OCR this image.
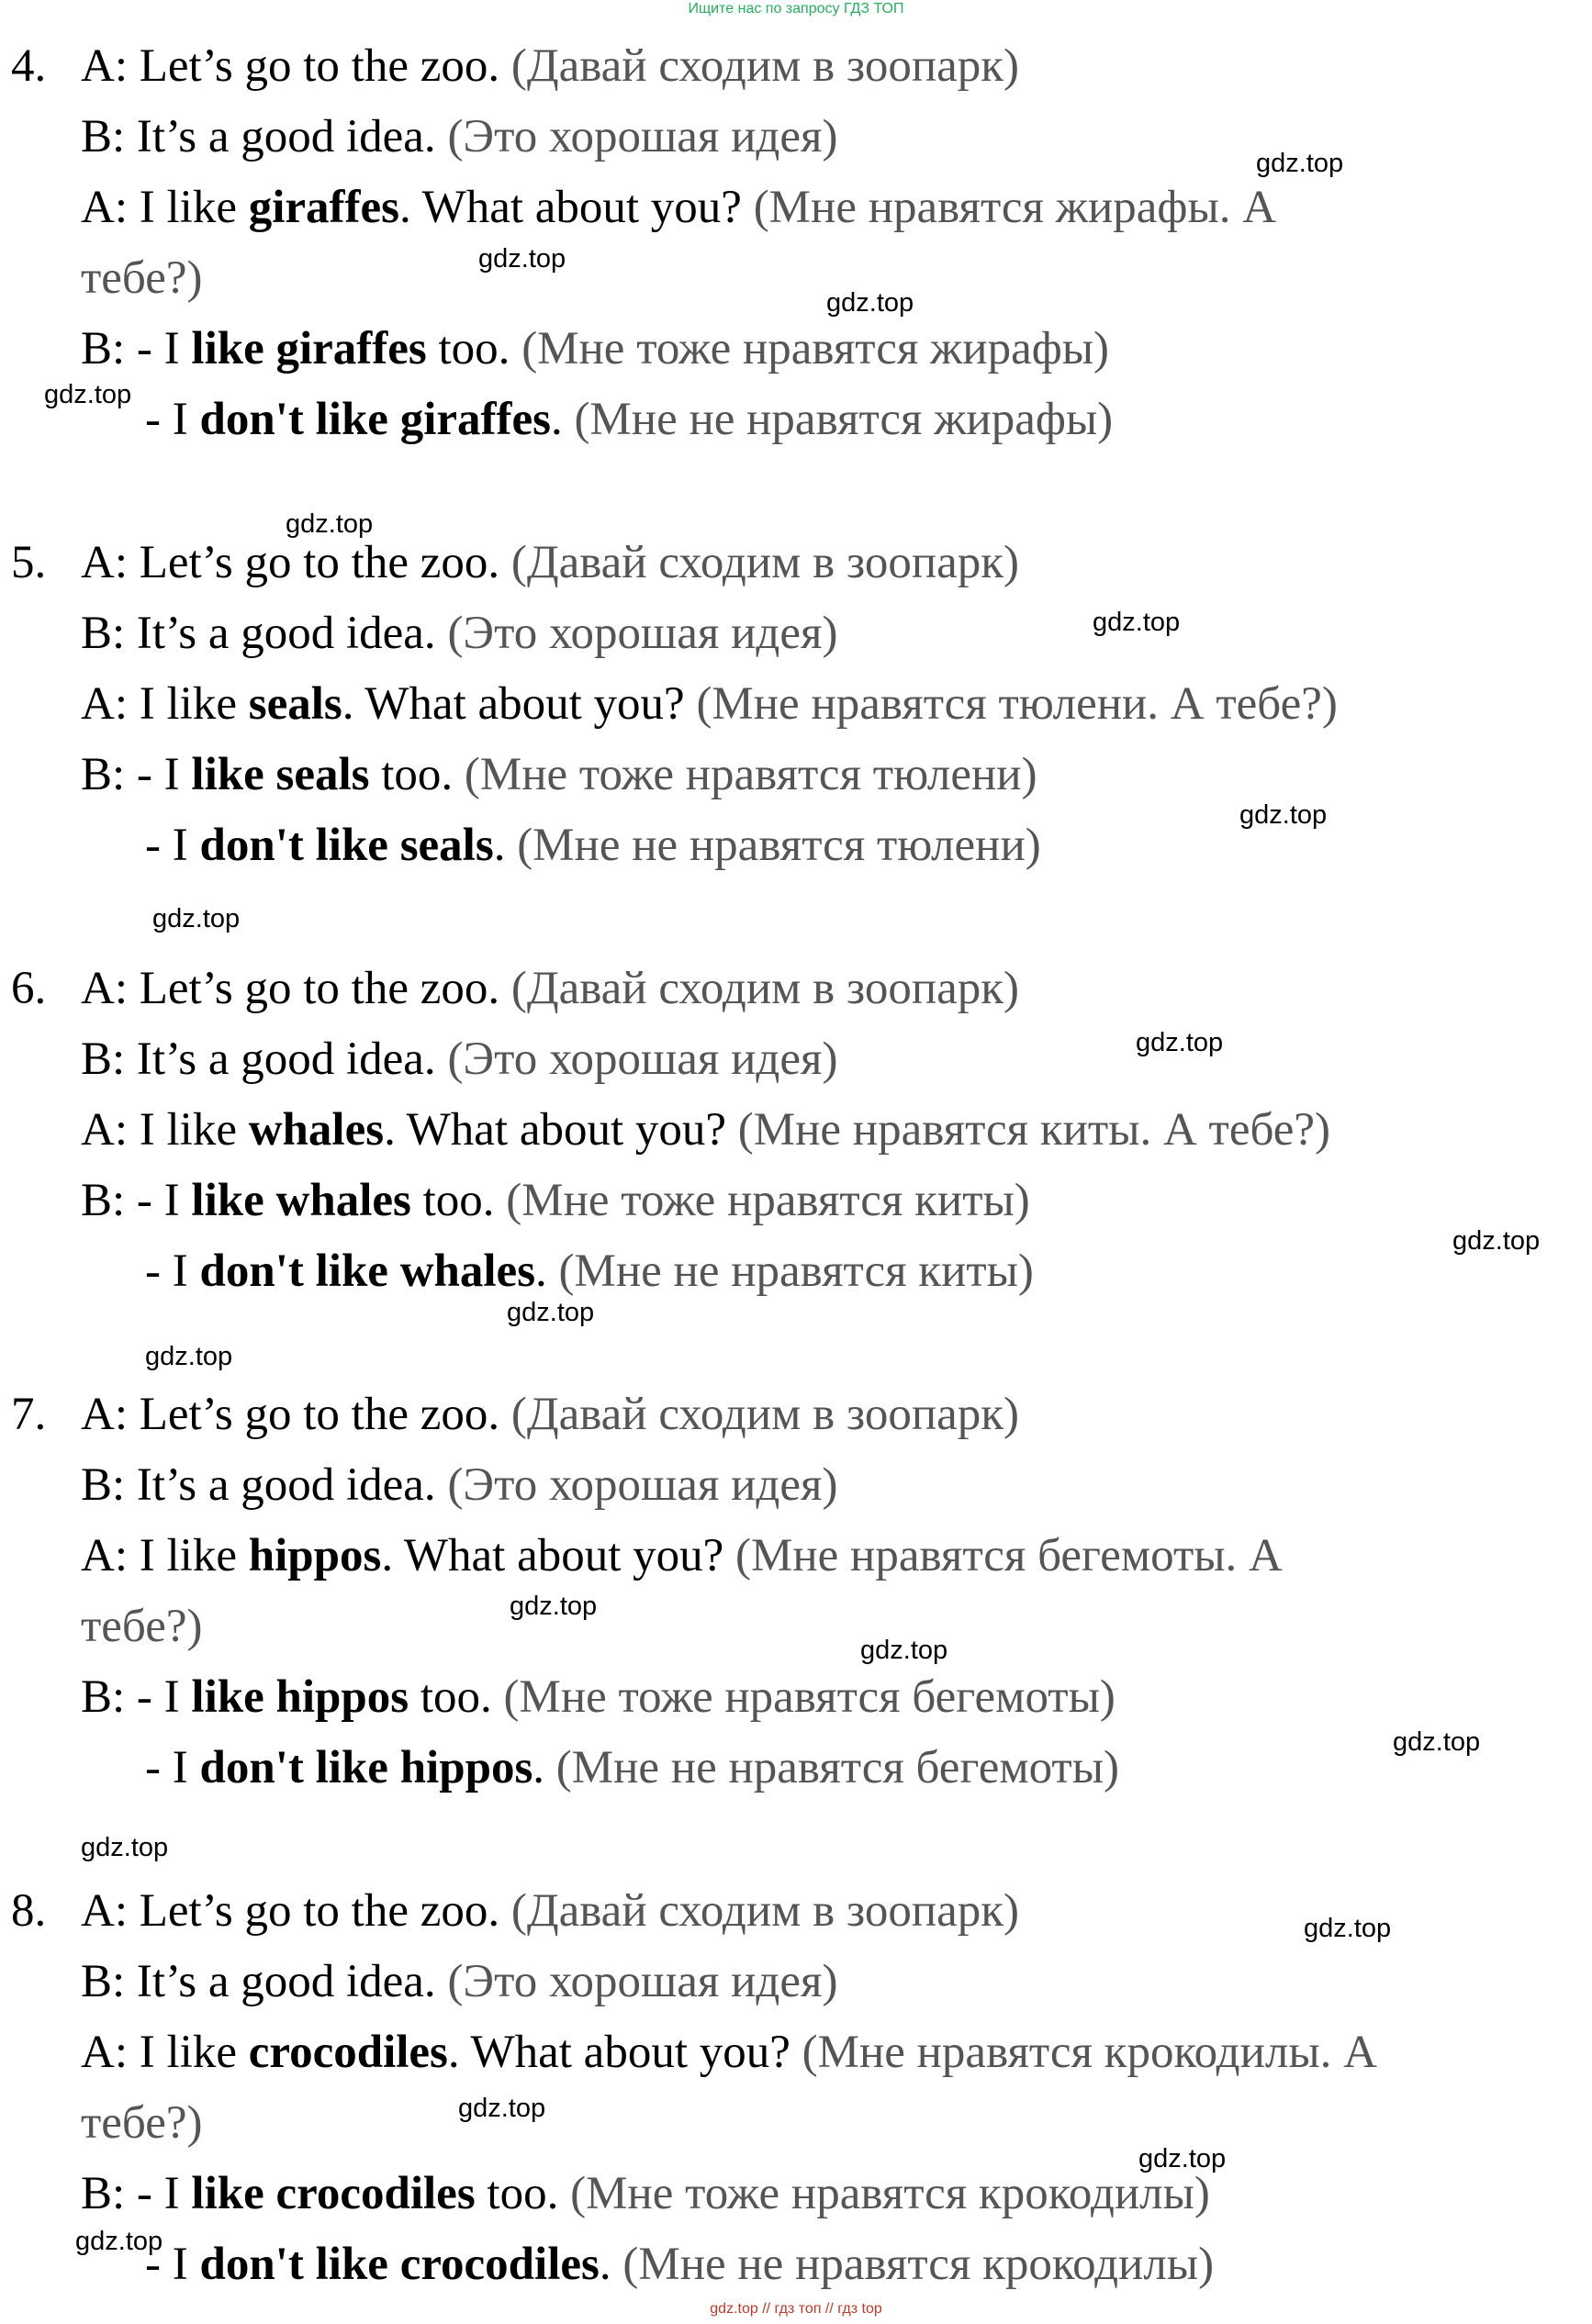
Ищите нас по запросу ГДЗ ТОП
4. A: Let’s go to the zoo. (Давай сходим в зоопарк)
B: It’s a good idea. (Это хорошая идея)
A: I like giraffes. What about you? (Мне нравятся жирафы. А
тебе?)
B: - I like giraffes too. (Мне тоже нравятся жирафы)
- I don't like giraffes. (Мне не нравятся жирафы)
5. A: Let’s go to the zoo. (Давай сходим в зоопарк)
B: It’s a good idea. (Это хорошая идея)
A: I like seals. What about you? (Мне нравятся тюлени. А тебе?)
B: - I like seals too. (Мне тоже нравятся тюлени)
- I don't like seals. (Мне не нравятся тюлени)
6. A: Let’s go to the zoo. (Давай сходим в зоопарк)
B: It’s a good idea. (Это хорошая идея)
A: I like whales. What about you? (Мне нравятся киты. А тебе?)
B: - I like whales too. (Мне тоже нравятся киты)
- I don't like whales. (Мне не нравятся киты)
7. A: Let’s go to the zoo. (Давай сходим в зоопарк)
B: It’s a good idea. (Это хорошая идея)
A: I like hippos. What about you? (Мне нравятся бегемоты. А
тебе?)
B: - I like hippos too. (Мне тоже нравятся бегемоты)
- I don't like hippos. (Мне не нравятся бегемоты)
8. A: Let’s go to the zoo. (Давай сходим в зоопарк)
B: It’s a good idea. (Это хорошая идея)
A: I like crocodiles. What about you? (Мне нравятся крокодилы. А
тебе?)
B: - I like crocodiles too. (Мне тоже нравятся крокодилы)
- I don't like crocodiles. (Мне не нравятся крокодилы)
gdz.top
gdz.top
gdz.top
gdz.top
gdz.top
gdz.top
gdz.top
gdz.top
gdz.top
gdz.top
gdz.top
gdz.top
gdz.top
gdz.top
gdz.top
gdz.top
gdz.top
gdz.top
gdz.top
gdz.top
gdz.top // гдз топ // гдз top
